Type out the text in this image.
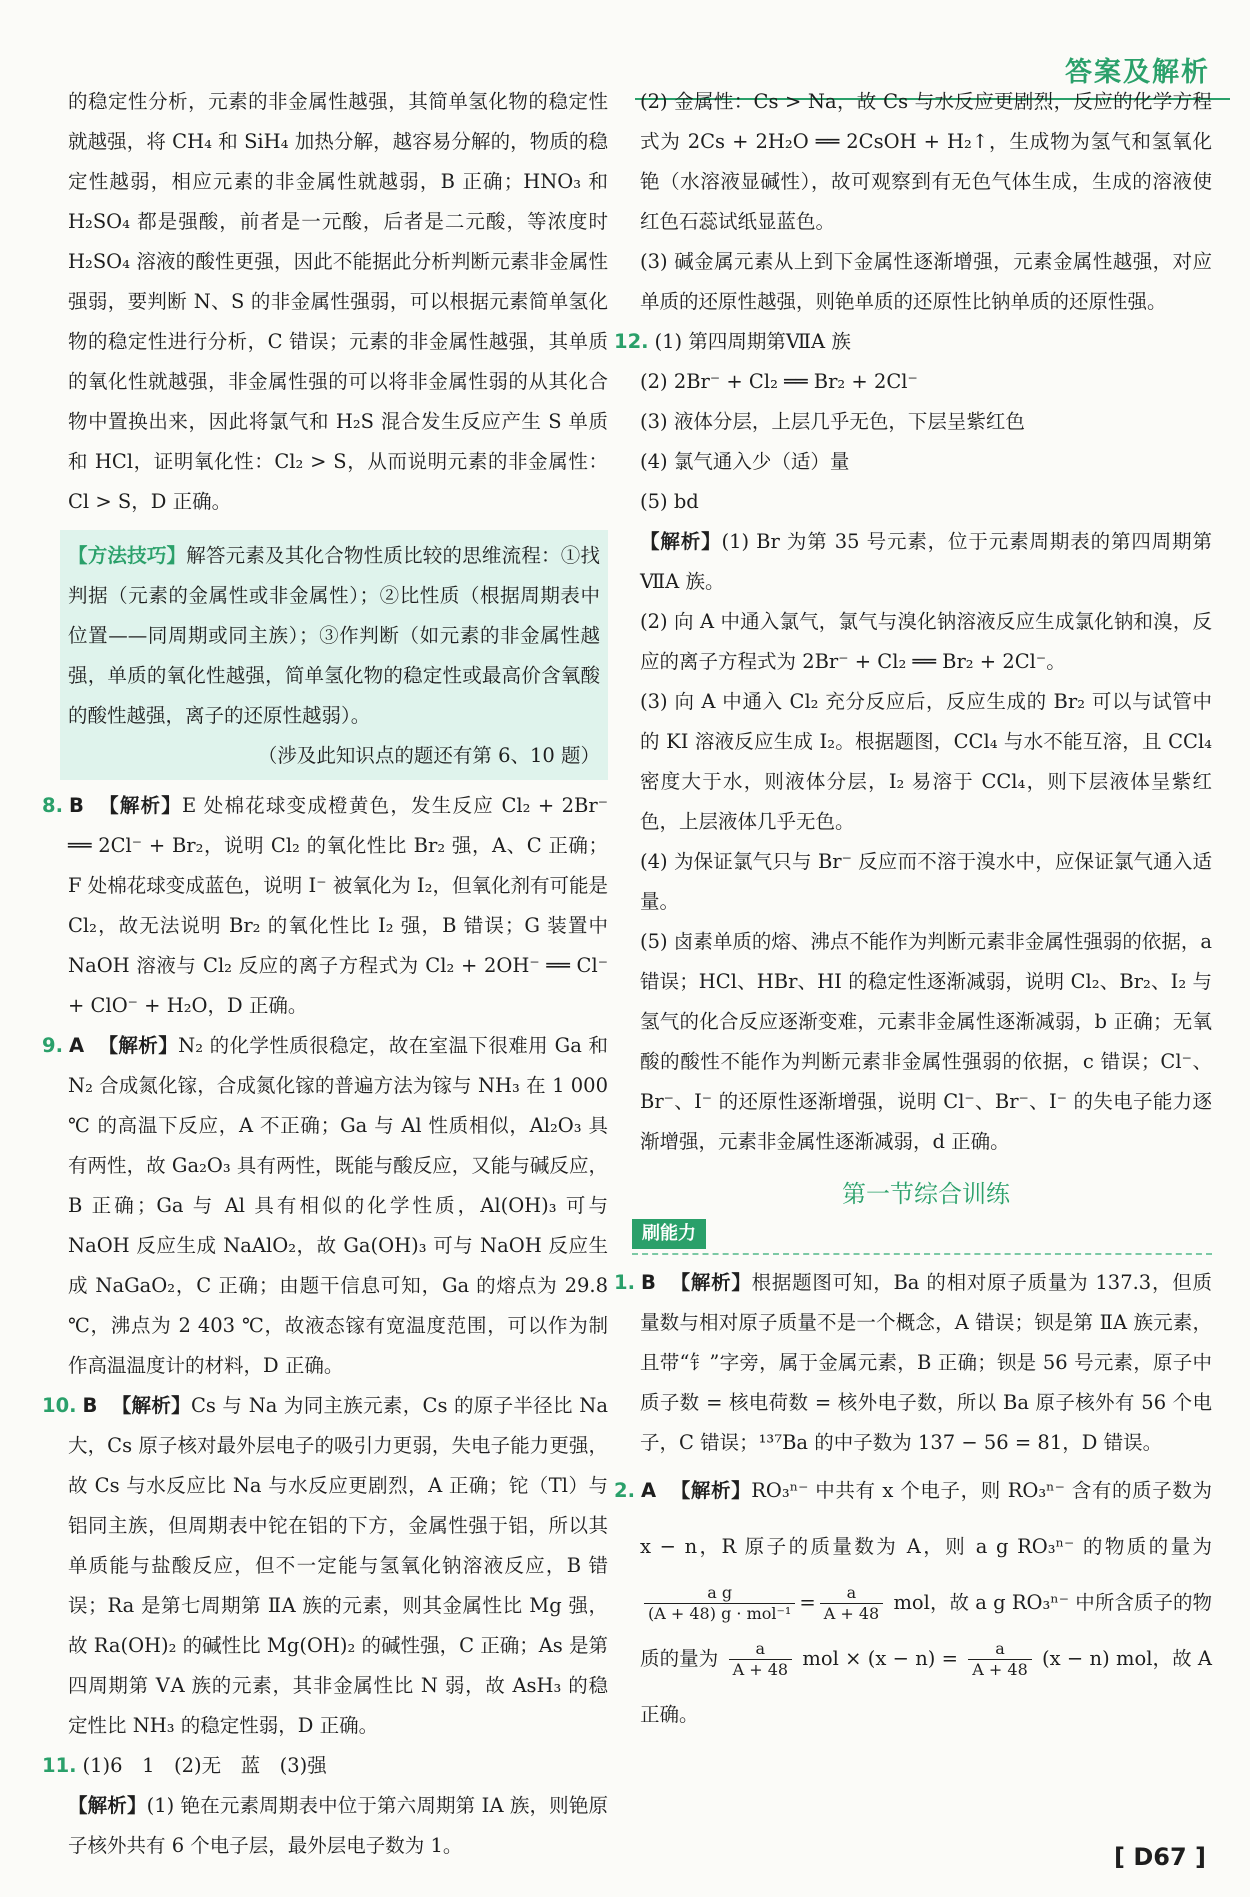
答案及解析

的稳定性分析，元素的非金属性越强，其简单氢化物的稳定性就越强，将 CH₄ 和 SiH₄ 加热分解，越容易分解的，物质的稳定性越弱，相应元素的非金属性就越弱，B 正确；HNO₃ 和 H₂SO₄ 都是强酸，前者是一元酸，后者是二元酸，等浓度时 H₂SO₄ 溶液的酸性更强，因此不能据此分析判断元素非金属性强弱，要判断 N、S 的非金属性强弱，可以根据元素简单氢化物的稳定性进行分析，C 错误；元素的非金属性越强，其单质的氧化性就越强，非金属性强的可以将非金属性弱的从其化合物中置换出来，因此将氯气和 H₂S 混合发生反应产生 S 单质和 HCl，证明氧化性：Cl₂ > S，从而说明元素的非金属性：Cl > S，D 正确。

【方法技巧】解答元素及其化合物性质比较的思维流程：①找判据（元素的金属性或非金属性）；②比性质（根据周期表中位置——同周期或同主族）；③作判断（如元素的非金属性越强，单质的氧化性越强，简单氢化物的稳定性或最高价含氧酸的酸性越强，离子的还原性越弱）。

（涉及此知识点的题还有第 6、10 题）

8. B 【解析】E 处棉花球变成橙黄色，发生反应 Cl₂ + 2Br⁻ ══ 2Cl⁻ + Br₂，说明 Cl₂ 的氧化性比 Br₂ 强，A、C 正确；F 处棉花球变成蓝色，说明 I⁻ 被氧化为 I₂，但氧化剂有可能是 Cl₂，故无法说明 Br₂ 的氧化性比 I₂ 强，B 错误；G 装置中 NaOH 溶液与 Cl₂ 反应的离子方程式为 Cl₂ + 2OH⁻ ══ Cl⁻ + ClO⁻ + H₂O，D 正确。

9. A 【解析】N₂ 的化学性质很稳定，故在室温下很难用 Ga 和 N₂ 合成氮化镓，合成氮化镓的普遍方法为镓与 NH₃ 在 1 000 ℃ 的高温下反应，A 不正确；Ga 与 Al 性质相似，Al₂O₃ 具有两性，故 Ga₂O₃ 具有两性，既能与酸反应，又能与碱反应，B 正确；Ga 与 Al 具有相似的化学性质，Al(OH)₃ 可与 NaOH 反应生成 NaAlO₂，故 Ga(OH)₃ 可与 NaOH 反应生成 NaGaO₂，C 正确；由题干信息可知，Ga 的熔点为 29.8 ℃，沸点为 2 403 ℃，故液态镓有宽温度范围，可以作为制作高温温度计的材料，D 正确。

10. B 【解析】Cs 与 Na 为同主族元素，Cs 的原子半径比 Na 大，Cs 原子核对最外层电子的吸引力更弱，失电子能力更强，故 Cs 与水反应比 Na 与水反应更剧烈，A 正确；铊（Tl）与铝同主族，但周期表中铊在铝的下方，金属性强于铝，所以其单质能与盐酸反应，但不一定能与氢氧化钠溶液反应，B 错误；Ra 是第七周期第 ⅡA 族的元素，则其金属性比 Mg 强，故 Ra(OH)₂ 的碱性比 Mg(OH)₂ 的碱性强，C 正确；As 是第四周期第 ⅤA 族的元素，其非金属性比 N 弱，故 AsH₃ 的稳定性比 NH₃ 的稳定性弱，D 正确。

11. (1)6　1　(2)无　蓝　(3)强

【解析】(1) 铯在元素周期表中位于第六周期第 ⅠA 族，则铯原子核外共有 6 个电子层，最外层电子数为 1。

(2) 金属性：Cs > Na，故 Cs 与水反应更剧烈，反应的化学方程式为 2Cs + 2H₂O ══ 2CsOH + H₂↑，生成物为氢气和氢氧化铯（水溶液显碱性），故可观察到有无色气体生成，生成的溶液使红色石蕊试纸显蓝色。

(3) 碱金属元素从上到下金属性逐渐增强，元素金属性越强，对应单质的还原性越强，则铯单质的还原性比钠单质的还原性强。

12. (1) 第四周期第ⅦA 族

(2) 2Br⁻ + Cl₂ ══ Br₂ + 2Cl⁻

(3) 液体分层，上层几乎无色，下层呈紫红色

(4) 氯气通入少（适）量

(5) bd

【解析】(1) Br 为第 35 号元素，位于元素周期表的第四周期第ⅦA 族。

(2) 向 A 中通入氯气，氯气与溴化钠溶液反应生成氯化钠和溴，反应的离子方程式为 2Br⁻ + Cl₂ ══ Br₂ + 2Cl⁻。

(3) 向 A 中通入 Cl₂ 充分反应后，反应生成的 Br₂ 可以与试管中的 KI 溶液反应生成 I₂。根据题图，CCl₄ 与水不能互溶，且 CCl₄ 密度大于水，则液体分层，I₂ 易溶于 CCl₄，则下层液体呈紫红色，上层液体几乎无色。

(4) 为保证氯气只与 Br⁻ 反应而不溶于溴水中，应保证氯气通入适量。

(5) 卤素单质的熔、沸点不能作为判断元素非金属性强弱的依据，a 错误；HCl、HBr、HI 的稳定性逐渐减弱，说明 Cl₂、Br₂、I₂ 与氢气的化合反应逐渐变难，元素非金属性逐渐减弱，b 正确；无氧酸的酸性不能作为判断元素非金属性强弱的依据，c 错误；Cl⁻、Br⁻、I⁻ 的还原性逐渐增强，说明 Cl⁻、Br⁻、I⁻ 的失电子能力逐渐增强，元素非金属性逐渐减弱，d 正确。

第一节综合训练
刷能力

1. B 【解析】根据题图可知，Ba 的相对原子质量为 137.3，但质量数与相对原子质量不是一个概念，A 错误；钡是第 ⅡA 族元素，且带“钅”字旁，属于金属元素，B 正确；钡是 56 号元素，原子中质子数 = 核电荷数 = 核外电子数，所以 Ba 原子核外有 56 个电子，C 错误；¹³⁷Ba 的中子数为 137 − 56 = 81，D 错误。

2. A 【解析】RO₃ⁿ⁻ 中共有 x 个电子，则 RO₃ⁿ⁻ 含有的质子数为 x − n，R 原子的质量数为 A，则 a g RO₃ⁿ⁻ 的物质的量为
$\frac{\text{a g}}{\text{(A + 48) g · mol⁻¹}} = \frac{a}{A + 48}$ mol，故 a g RO₃ⁿ⁻ 中所含质子的物质的量为 $\frac{a}{A + 48}$ mol × $(x - n) = \frac{a}{A + 48} (x - n)$ mol，故 A 正确。

[ D67 ]
